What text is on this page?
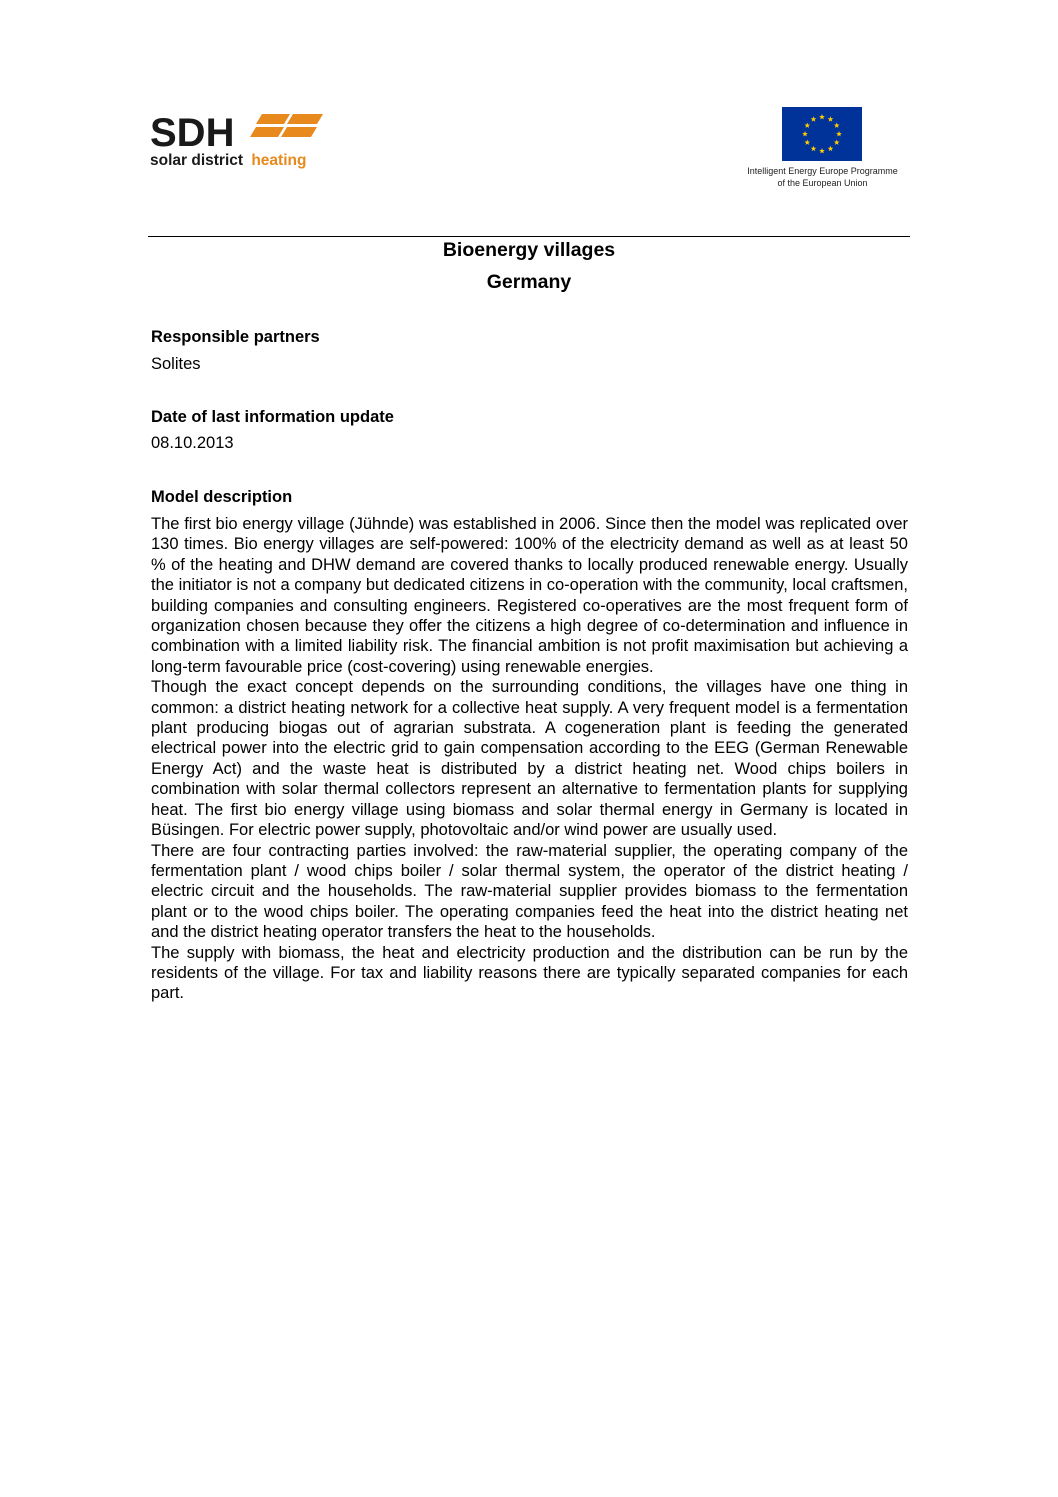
SDH
solar district heating
Intelligent Energy Europe Programme
of the European Union
Bioenergy villages
Germany
Responsible partners
Solites
Date of last information update
08.10.2013
Model description

The first bio energy village (Jühnde) was established in 2006. Since then the model was replicated over 130 times. Bio energy villages are self-powered: 100% of the electricity demand as well as at least 50 % of the heating and DHW demand are covered thanks to locally produced renewable energy. Usually the initiator is not a company but dedicated citizens in co-operation with the community, local craftsmen, building companies and consulting engineers. Registered co-operatives are the most frequent form of organization chosen because they offer the citizens a high degree of co-determination and influence in combination with a limited liability risk. The financial ambition is not profit maximisation but achieving a long-term favourable price (cost-covering) using renewable energies.

Though the exact concept depends on the surrounding conditions, the villages have one thing in common: a district heating network for a collective heat supply. A very frequent model is a fermentation plant producing biogas out of agrarian substrata. A cogeneration plant is feeding the generated electrical power into the electric grid to gain compensation according to the EEG (German Renewable Energy Act) and the waste heat is distributed by a district heating net. Wood chips boilers in combination with solar thermal collectors represent an alternative to fermentation plants for supplying heat. The first bio energy village using biomass and solar thermal energy in Germany is located in Büsingen. For electric power supply, photovoltaic and/or wind power are usually used.

There are four contracting parties involved: the raw-material supplier, the operating company of the fermentation plant / wood chips boiler / solar thermal system, the operator of the district heating / electric circuit and the households. The raw-material supplier provides biomass to the fermentation plant or to the wood chips boiler. The operating companies feed the heat into the district heating net and the district heating operator transfers the heat to the households.

The supply with biomass, the heat and electricity production and the distribution can be run by the residents of the village. For tax and liability reasons there are typically separated companies for each part.
